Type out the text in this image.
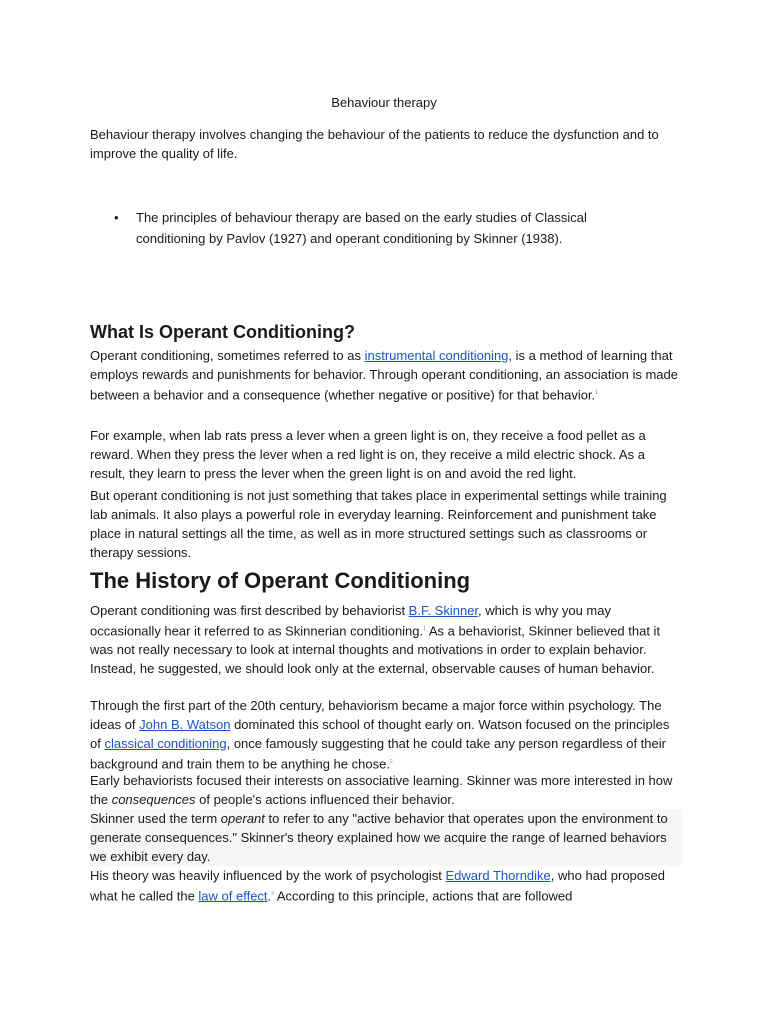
Behaviour therapy

Behaviour therapy involves changing the behaviour of the patients to reduce the dysfunction and to improve the quality of life.

• The principles of behaviour therapy are based on the early studies of Classical conditioning by Pavlov (1927) and operant conditioning by Skinner (1938).

What Is Operant Conditioning?

Operant conditioning, sometimes referred to as instrumental conditioning, is a method of learning that employs rewards and punishments for behavior. Through operant conditioning, an association is made between a behavior and a consequence (whether negative or positive) for that behavior.$^1$

For example, when lab rats press a lever when a green light is on, they receive a food pellet as a reward. When they press the lever when a red light is on, they receive a mild electric shock. As a result, they learn to press the lever when the green light is on and avoid the red light.

But operant conditioning is not just something that takes place in experimental settings while training lab animals. It also plays a powerful role in everyday learning. Reinforcement and punishment take place in natural settings all the time, as well as in more structured settings such as classrooms or therapy sessions.

The History of Operant Conditioning

Operant conditioning was first described by behaviorist B.F. Skinner, which is why you may occasionally hear it referred to as Skinnerian conditioning.$^1$ As a behaviorist, Skinner believed that it was not really necessary to look at internal thoughts and motivations in order to explain behavior. Instead, he suggested, we should look only at the external, observable causes of human behavior.

Through the first part of the 20th century, behaviorism became a major force within psychology. The ideas of John B. Watson dominated this school of thought early on. Watson focused on the principles of classical conditioning, once famously suggesting that he could take any person regardless of their background and train them to be anything he chose.$^2$

Early behaviorists focused their interests on associative learning. Skinner was more interested in how the consequences of people's actions influenced their behavior.

Skinner used the term operant to refer to any "active behavior that operates upon the environment to generate consequences." Skinner's theory explained how we acquire the range of learned behaviors we exhibit every day.

His theory was heavily influenced by the work of psychologist Edward Thorndike, who had proposed what he called the law of effect.$^3$ According to this principle, actions that are followed
